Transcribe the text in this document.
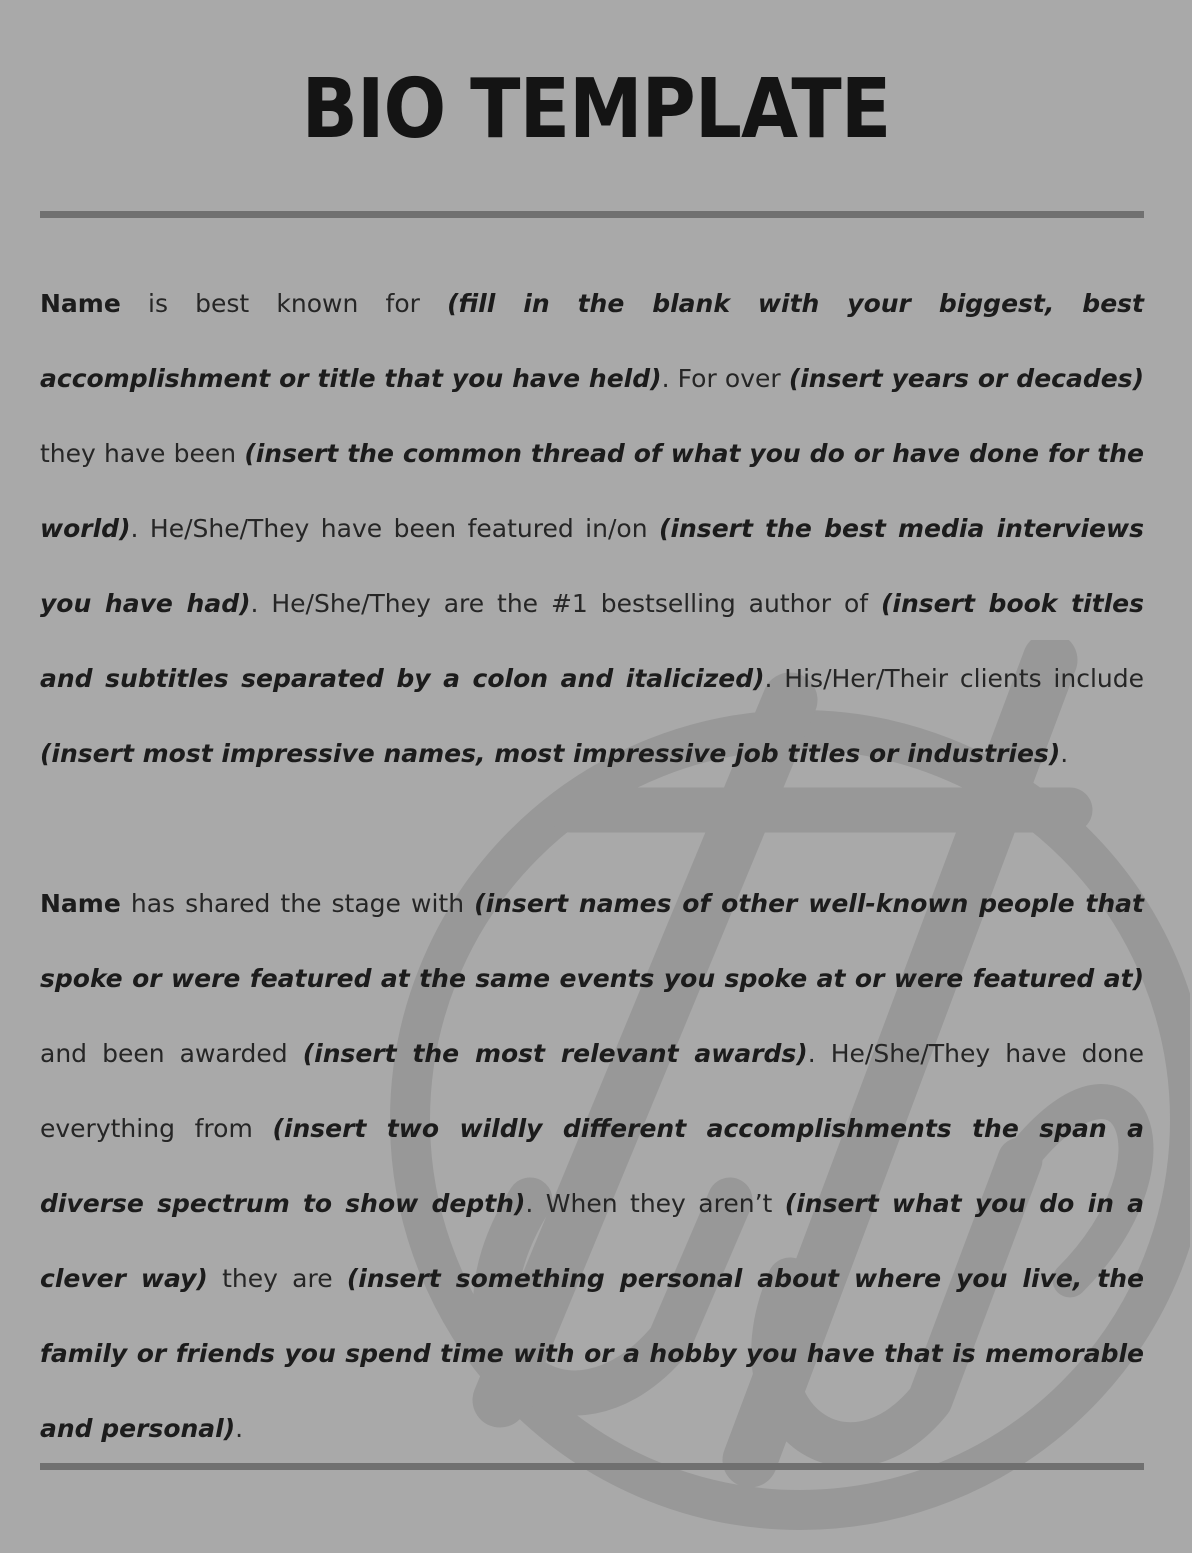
BIO TEMPLATE

Name is best known for (fill in the blank with your biggest, best accomplishment or title that you have held). For over (insert years or decades) they have been (insert the common thread of what you do or have done for the world). He/She/They have been featured in/on (insert the best media interviews you have had). He/She/They are the #1 bestselling author of (insert book titles and subtitles separated by a colon and italicized). His/Her/Their clients include (insert most impressive names, most impressive job titles or industries).

Name has shared the stage with (insert names of other well-known people that spoke or were featured at the same events you spoke at or were featured at) and been awarded (insert the most relevant awards). He/She/They have done everything from (insert two wildly different accomplishments the span a diverse spectrum to show depth). When they aren’t (insert what you do in a clever way) they are (insert something personal about where you live, the family or friends you spend time with or a hobby you have that is memorable and personal).
